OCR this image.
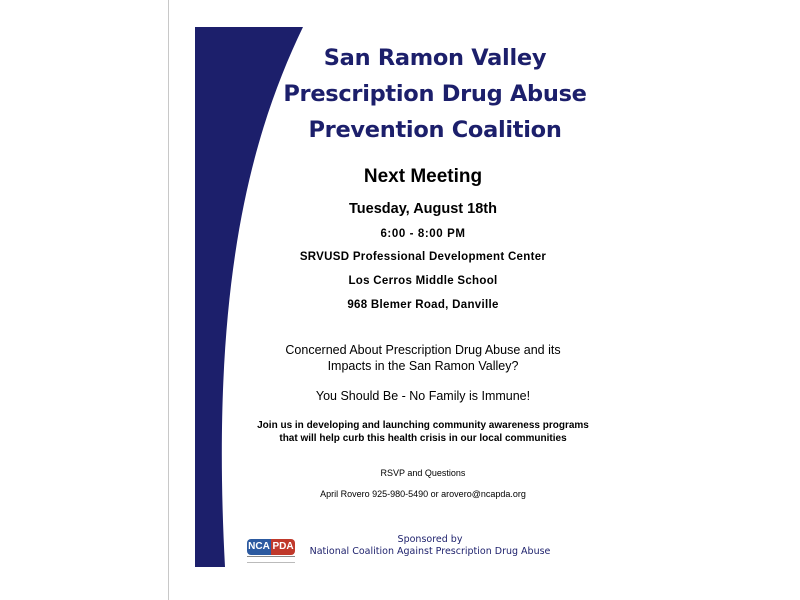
San Ramon Valley
Prescription Drug Abuse
Prevention Coalition
Next Meeting
Tuesday, August 18th
6:00 - 8:00 PM
SRVUSD Professional Development Center
Los Cerros Middle School
968 Blemer Road, Danville
Concerned About Prescription Drug Abuse and its
Impacts in the San Ramon Valley?
You Should Be - No Family is Immune!
Join us in developing and launching community awareness programs
that will help curb this health crisis in our local communities
RSVP and Questions
April Rovero 925-980-5490 or arovero@ncapda.org
NCA PDA
Sponsored by
National Coalition Against Prescription Drug Abuse
